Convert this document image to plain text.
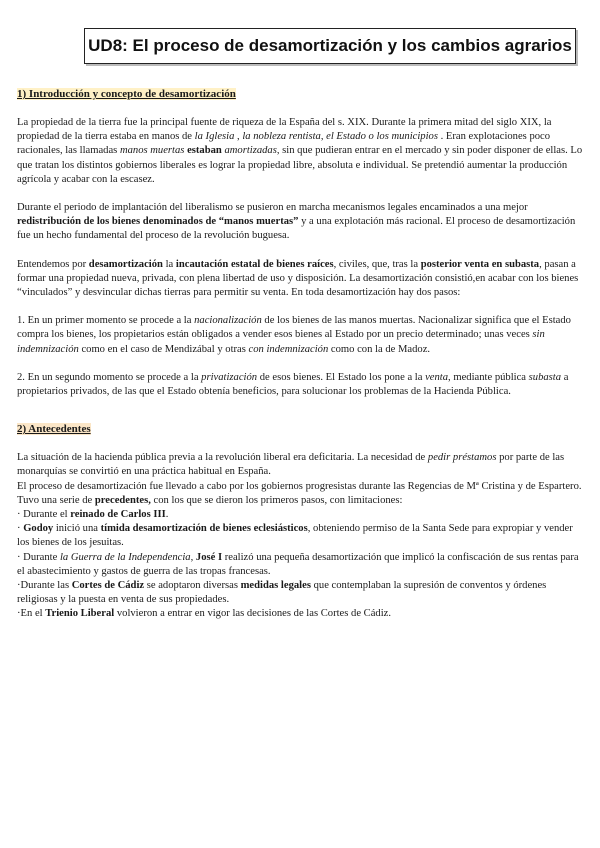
UD8: El proceso de desamortización y los cambios agrarios
1) Introducción y concepto de desamortización

La propiedad de la tierra fue la principal fuente de riqueza de la España del s. XIX. Durante la primera mitad del siglo XIX, la propiedad de la tierra estaba en manos de la Iglesia , la nobleza rentista, el Estado o los municipios . Eran explotaciones poco racionales, las llamadas manos muertas estaban amortizadas, sin que pudieran entrar en el mercado y sin poder disponer de ellas. Lo que tratan los distintos gobiernos liberales es lograr la propiedad libre, absoluta e individual. Se pretendió aumentar la producción agrícola y acabar con la escasez.

Durante el periodo de implantación del liberalismo se pusieron en marcha mecanismos legales encaminados a una mejor redistribución de los bienes denominados de “manos muertas” y a una explotación más racional. El proceso de desamortización fue un hecho fundamental del proceso de la revolución buguesa.

Entendemos por desamortización la incautación estatal de bienes raíces, civiles, que, tras la posterior venta en subasta, pasan a formar una propiedad nueva, privada, con plena libertad de uso y disposición. La desamortización consistió,en acabar con los bienes “vinculados” y desvincular dichas tierras para permitir su venta. En toda desamortización hay dos pasos:

1. En un primer momento se procede a la nacionalización de los bienes de las manos muertas. Nacionalizar significa que el Estado compra los bienes, los propietarios están obligados a vender esos bienes al Estado por un precio determinado; unas veces sin indemnización como en el caso de Mendizábal y otras con indemnización como con la de Madoz.

2. En un segundo momento se procede a la privatización de esos bienes. El Estado los pone a la venta, mediante pública subasta a propietarios privados, de las que el Estado obtenía beneficios, para solucionar los problemas de la Hacienda Pública.

2) Antecedentes

La situación de la hacienda pública previa a la revolución liberal era deficitaria. La necesidad de pedir préstamos por parte de las monarquías se convirtió en una práctica habitual en España.

El proceso de desamortización fue llevado a cabo por los gobiernos progresistas durante las Regencias de Mª Cristina y de Espartero. Tuvo una serie de precedentes, con los que se dieron los primeros pasos, con limitaciones:

· Durante el reinado de Carlos III.

· Godoy inició una tímida desamortización de bienes eclesiásticos, obteniendo permiso de la Santa Sede para expropiar y vender los bienes de los jesuitas.

· Durante la Guerra de la Independencia, José I realizó una pequeña desamortización que implicó la confiscación de sus rentas para el abastecimiento y gastos de guerra de las tropas francesas.

·Durante las Cortes de Cádiz se adoptaron diversas medidas legales que contemplaban la supresión de conventos y órdenes religiosas y la puesta en venta de sus propiedades.

·En el Trienio Liberal volvieron a entrar en vigor las decisiones de las Cortes de Cádiz.
